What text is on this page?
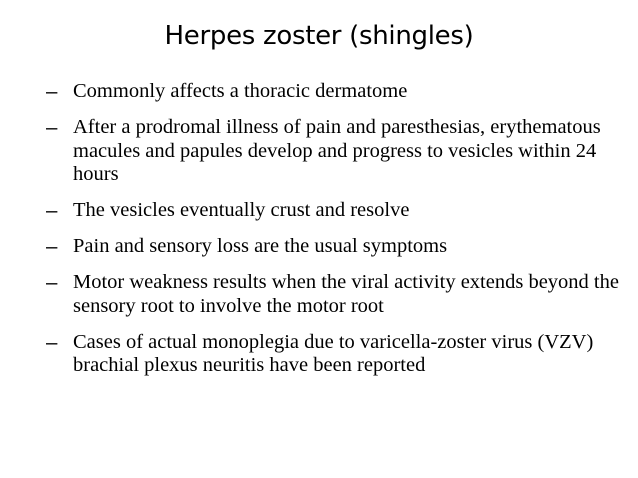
Herpes zoster (shingles)
– Commonly affects a thoracic dermatome
– After a prodromal illness of pain and paresthesias, erythematous macules and papules develop and progress to vesicles within 24 hours
– The vesicles eventually crust and resolve
– Pain and sensory loss are the usual symptoms
– Motor weakness results when the viral activity extends beyond the sensory root to involve the motor root
– Cases of actual monoplegia due to varicella-zoster virus (VZV) brachial plexus neuritis have been reported
